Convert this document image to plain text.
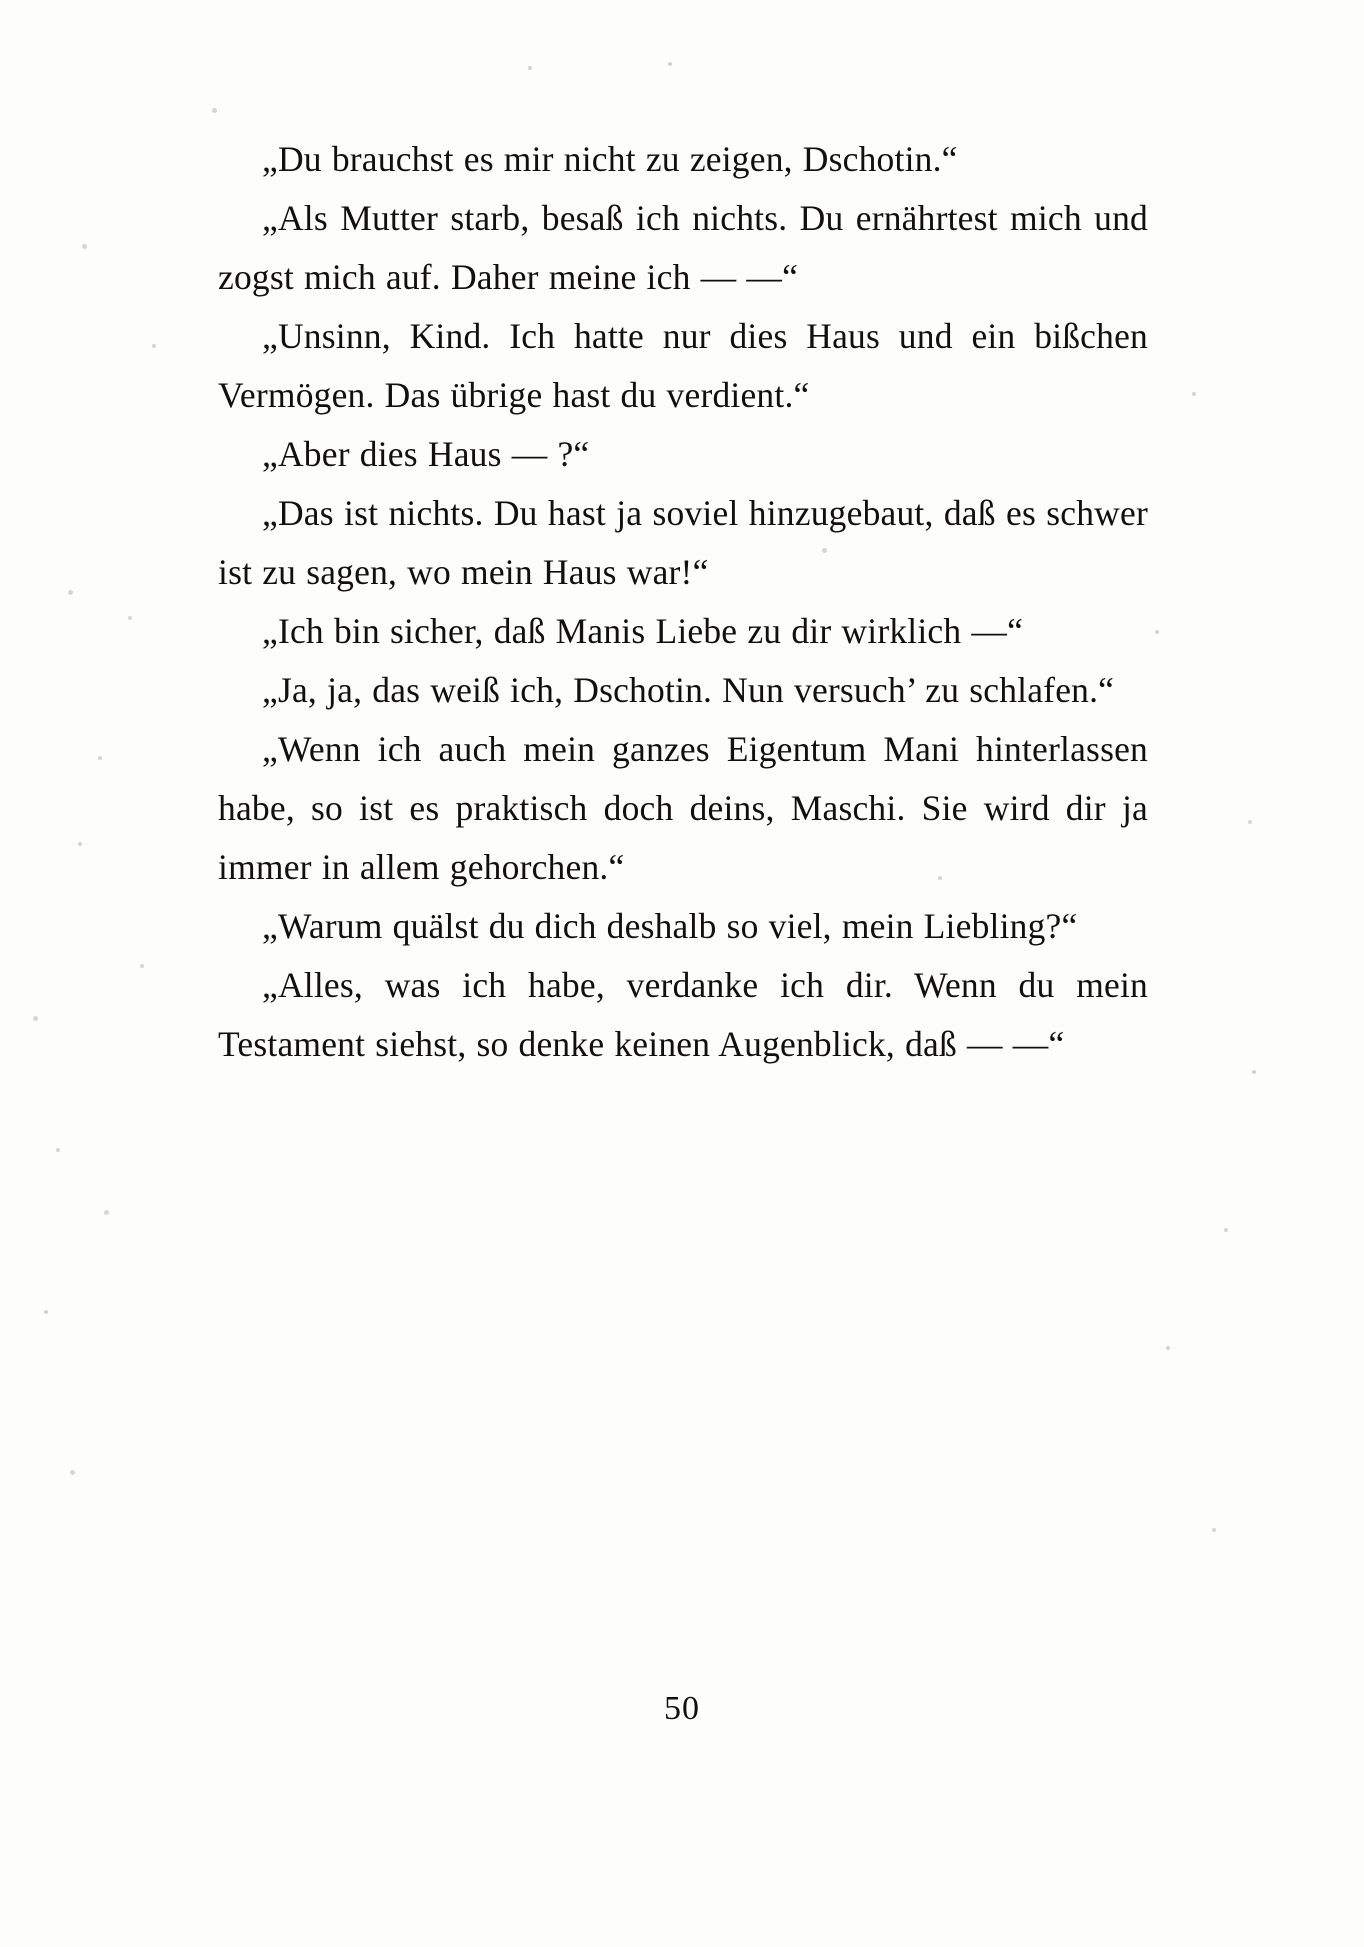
„Du brauchst es mir nicht zu zeigen, Dschotin.“

„Als Mutter starb, besaß ich nichts. Du ernährtest mich und zogst mich auf. Daher meine ich — —“

„Unsinn, Kind. Ich hatte nur dies Haus und ein bißchen Vermögen. Das übrige hast du verdient.“

„Aber dies Haus — ?“

„Das ist nichts. Du hast ja soviel hinzugebaut, daß es schwer ist zu sagen, wo mein Haus war!“

„Ich bin sicher, daß Manis Liebe zu dir wirklich —“

„Ja, ja, das weiß ich, Dschotin. Nun versuch’ zu schlafen.“

„Wenn ich auch mein ganzes Eigentum Mani hinterlassen habe, so ist es praktisch doch deins, Maschi. Sie wird dir ja immer in allem gehorchen.“

„Warum quälst du dich deshalb so viel, mein Liebling?“

„Alles, was ich habe, verdanke ich dir. Wenn du mein Testament siehst, so denke keinen Augenblick, daß — —“

50
